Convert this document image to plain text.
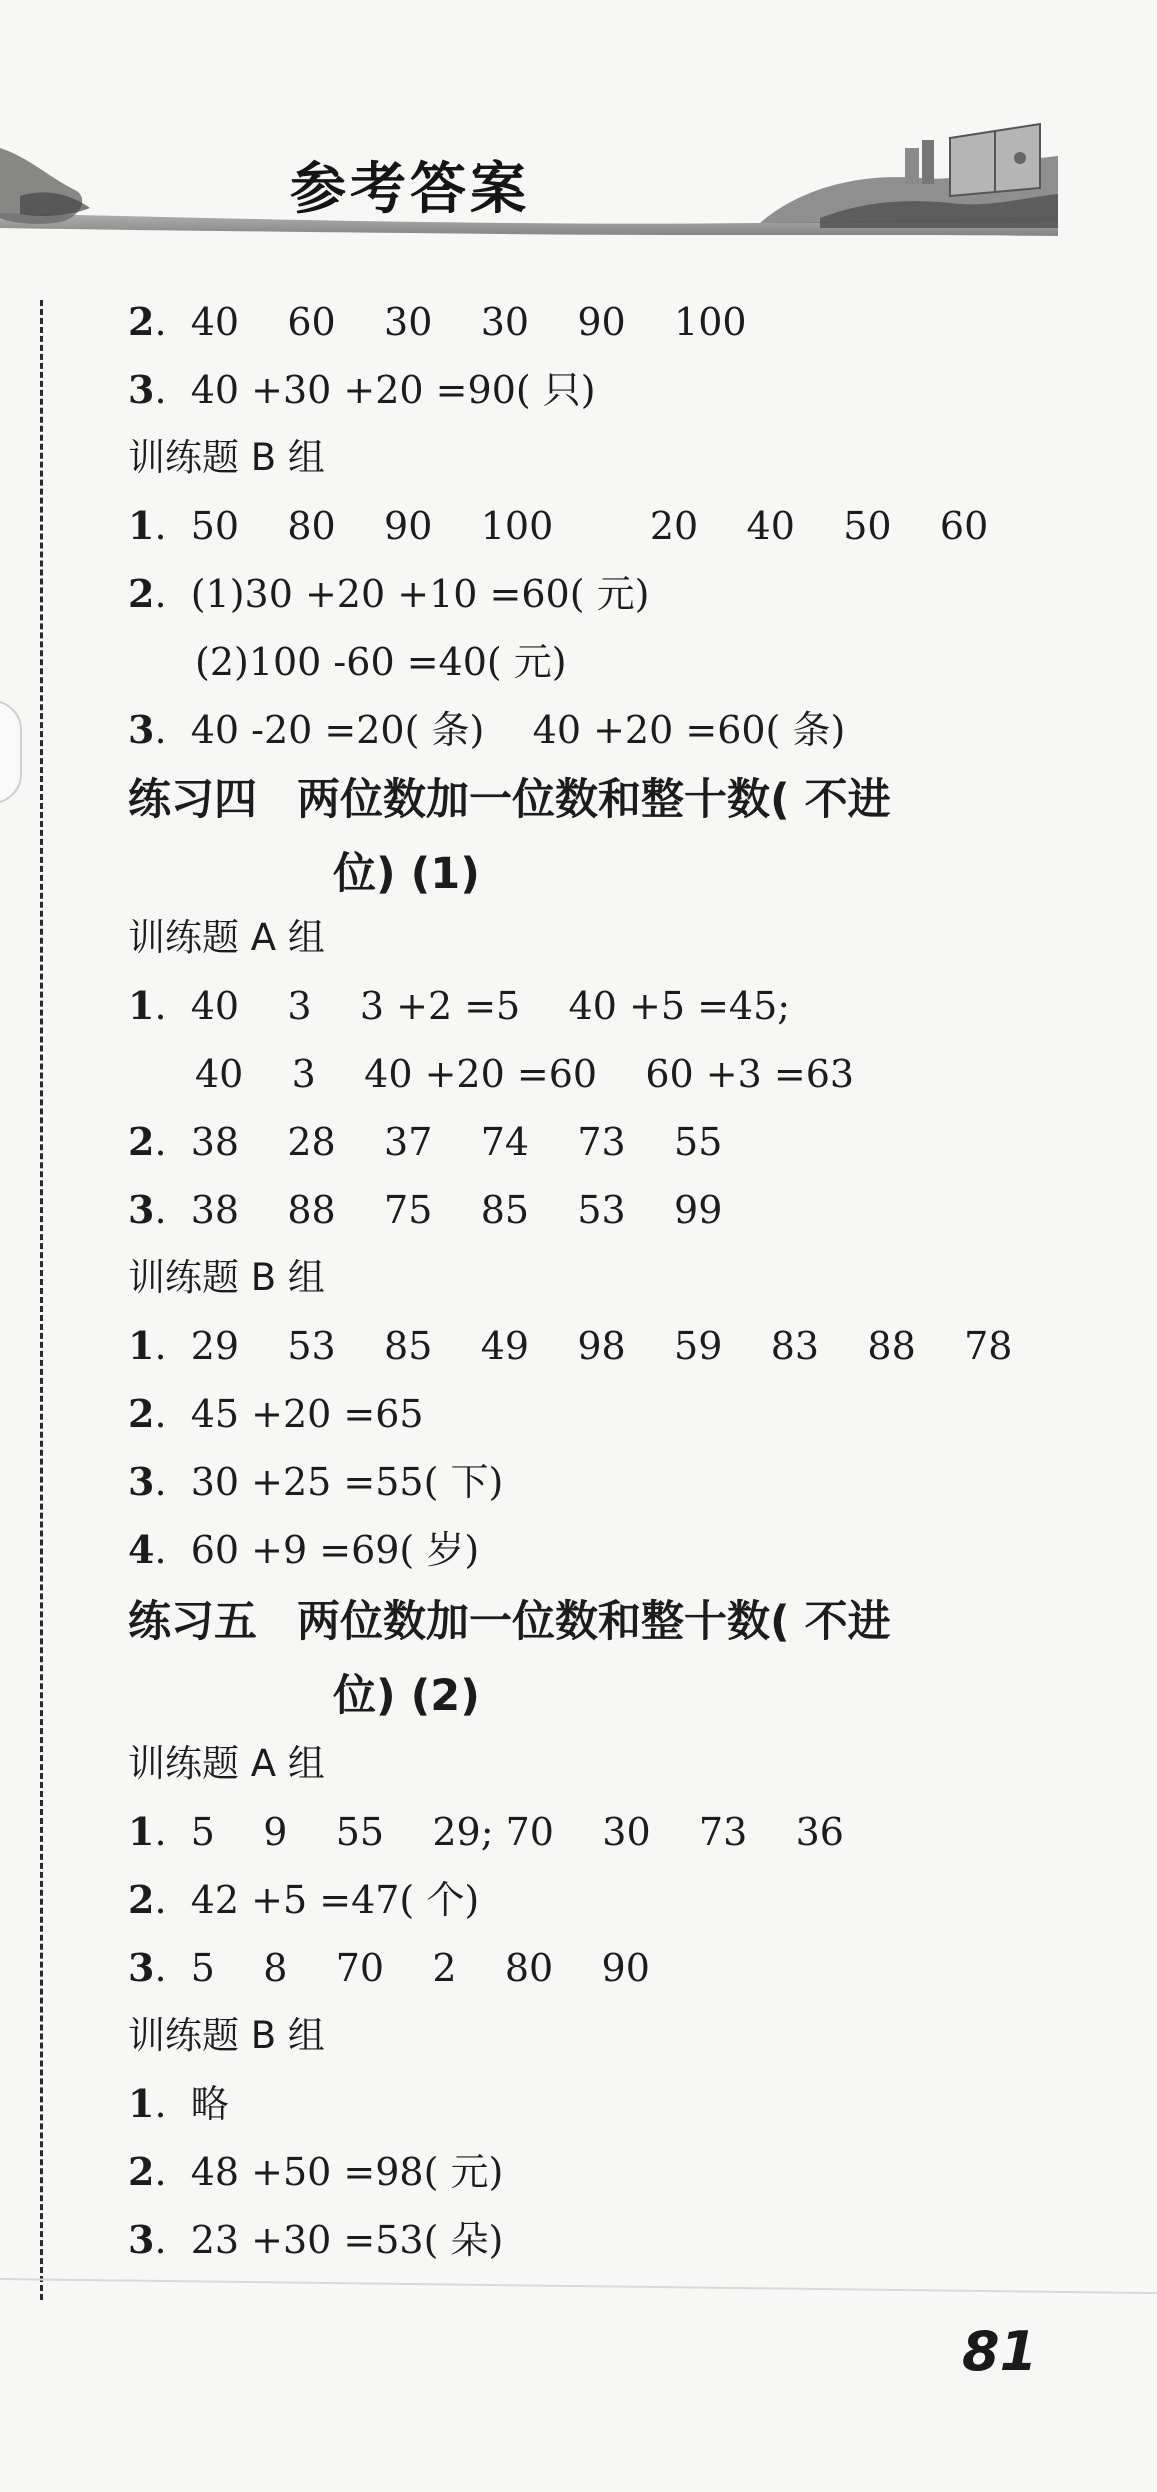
参考答案
2.  40    60    30    30    90    100
3.  40 +30 +20 =90( 只)
训练题 B 组
1.  50    80    90    100        20    40    50    60
2.  (1)30 +20 +10 =60( 元)
(2)100 -60 =40( 元)
3.  40 -20 =20( 条)    40 +20 =60( 条)
练习四 两位数加一位数和整十数( 不进
位) (1)
训练题 A 组
1.  40    3    3 +2 =5    40 +5 =45;
40    3    40 +20 =60    60 +3 =63
2.  38    28    37    74    73    55
3.  38    88    75    85    53    99
训练题 B 组
1.  29    53    85    49    98    59    83    88    78
2.  45 +20 =65
3.  30 +25 =55( 下)
4.  60 +9 =69( 岁)
练习五 两位数加一位数和整十数( 不进
位) (2)
训练题 A 组
1.  5    9    55    29; 70    30    73    36
2.  42 +5 =47( 个)
3.  5    8    70    2    80    90
训练题 B 组
1.  略
2.  48 +50 =98( 元)
3.  23 +30 =53( 朵)
81
